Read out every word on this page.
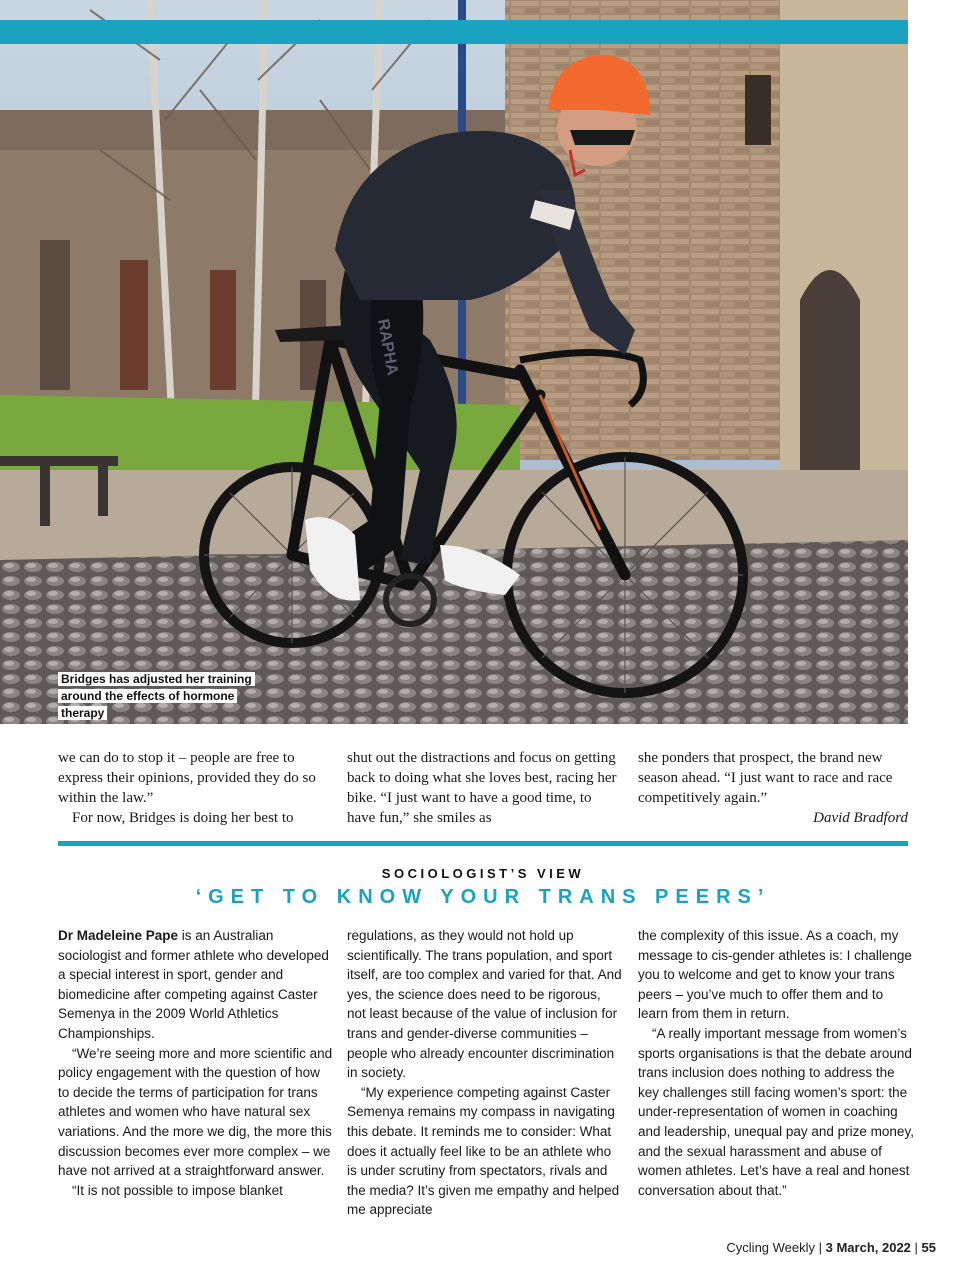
RAPHA
Bridges has adjusted her training
around the effects of hormone therapy

we can do to stop it – people are free to express their opinions, provided they do so within the law.”

For now, Bridges is doing her best to

shut out the distractions and focus on getting back to doing what she loves best, racing her bike. “I just want to have a good time, to have fun,” she smiles as

she ponders that prospect, the brand new season ahead. “I just want to race and race competitively again.”

David Bradford

SOCIOLOGIST’S VIEW
‘GET TO KNOW YOUR TRANS PEERS’

Dr Madeleine Pape is an Australian sociologist and former athlete who developed a special interest in sport, gender and biomedicine after competing against Caster Semenya in the 2009 World Athletics Championships.

“We’re seeing more and more scientific and policy engagement with the question of how to decide the terms of participation for trans athletes and women who have natural sex variations. And the more we dig, the more this discussion becomes ever more complex – we have not arrived at a straightforward answer.

“It is not possible to impose blanket

regulations, as they would not hold up scientifically. The trans population, and sport itself, are too complex and varied for that. And yes, the science does need to be rigorous, not least because of the value of inclusion for trans and gender-diverse communities – people who already encounter discrimination in society.

“My experience competing against Caster Semenya remains my compass in navigating this debate. It reminds me to consider: What does it actually feel like to be an athlete who is under scrutiny from spectators, rivals and the media? It’s given me empathy and helped me appreciate

the complexity of this issue. As a coach, my message to cis-gender athletes is: I challenge you to welcome and get to know your trans peers – you’ve much to offer them and to learn from them in return.

“A really important message from women’s sports organisations is that the debate around trans inclusion does nothing to address the key challenges still facing women’s sport: the under-representation of women in coaching and leadership, unequal pay and prize money, and the sexual harassment and abuse of women athletes. Let’s have a real and honest conversation about that.”

Cycling Weekly | 3 March, 2022 | 55
